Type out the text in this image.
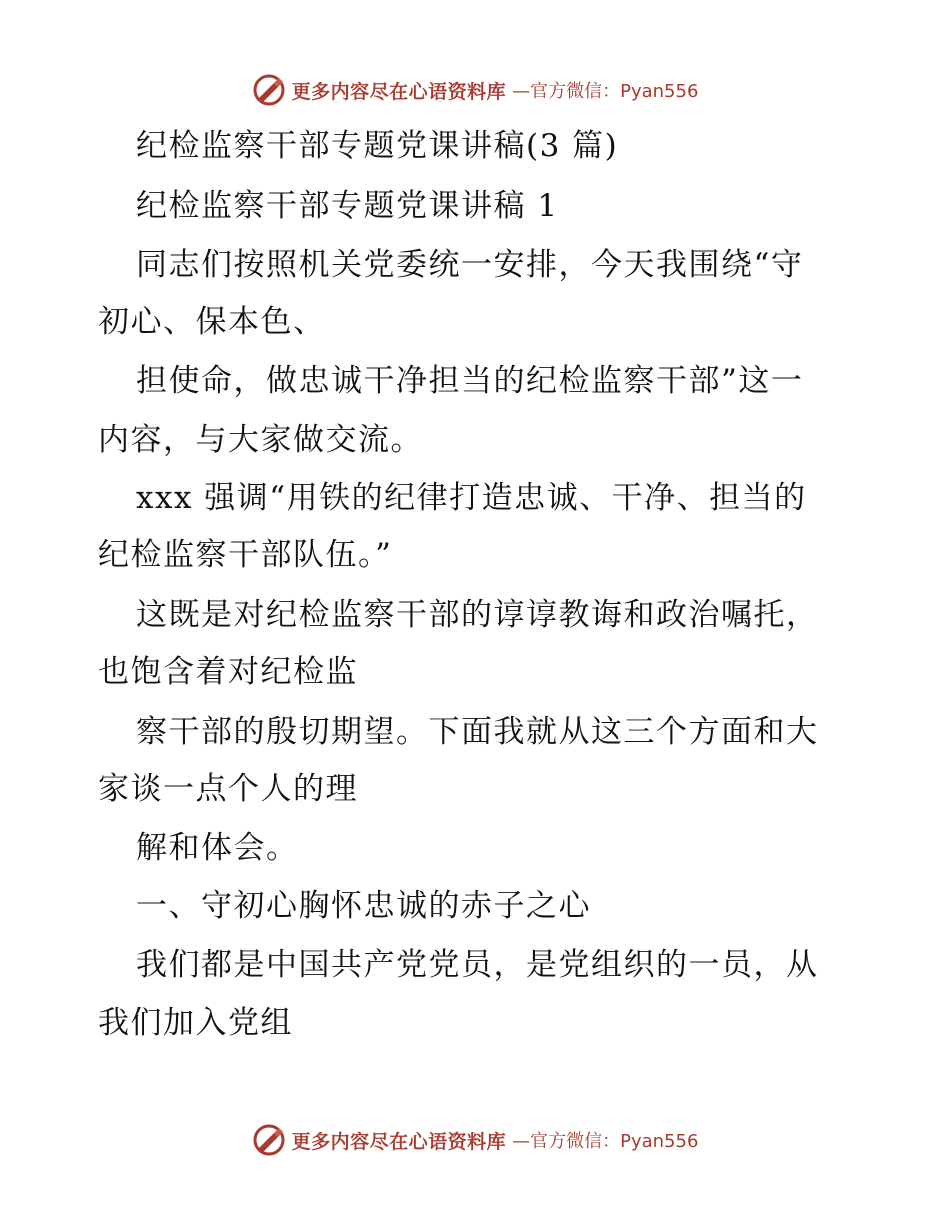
更多内容尽在心语资料库 —官方微信：Pyan556
纪检监察干部专题党课讲稿(3 篇)
纪检监察干部专题党课讲稿 1
同志们按照机关党委统一安排，今天我围绕“守
初心、保本色、
担使命，做忠诚干净担当的纪检监察干部”这一
内容，与大家做交流。
xxx 强调“用铁的纪律打造忠诚、干净、担当的
纪检监察干部队伍。”
这既是对纪检监察干部的谆谆教诲和政治嘱托，
也饱含着对纪检监
察干部的殷切期望。下面我就从这三个方面和大
家谈一点个人的理
解和体会。
一、守初心胸怀忠诚的赤子之心
我们都是中国共产党党员，是党组织的一员，从
我们加入党组
更多内容尽在心语资料库 —官方微信：Pyan556
